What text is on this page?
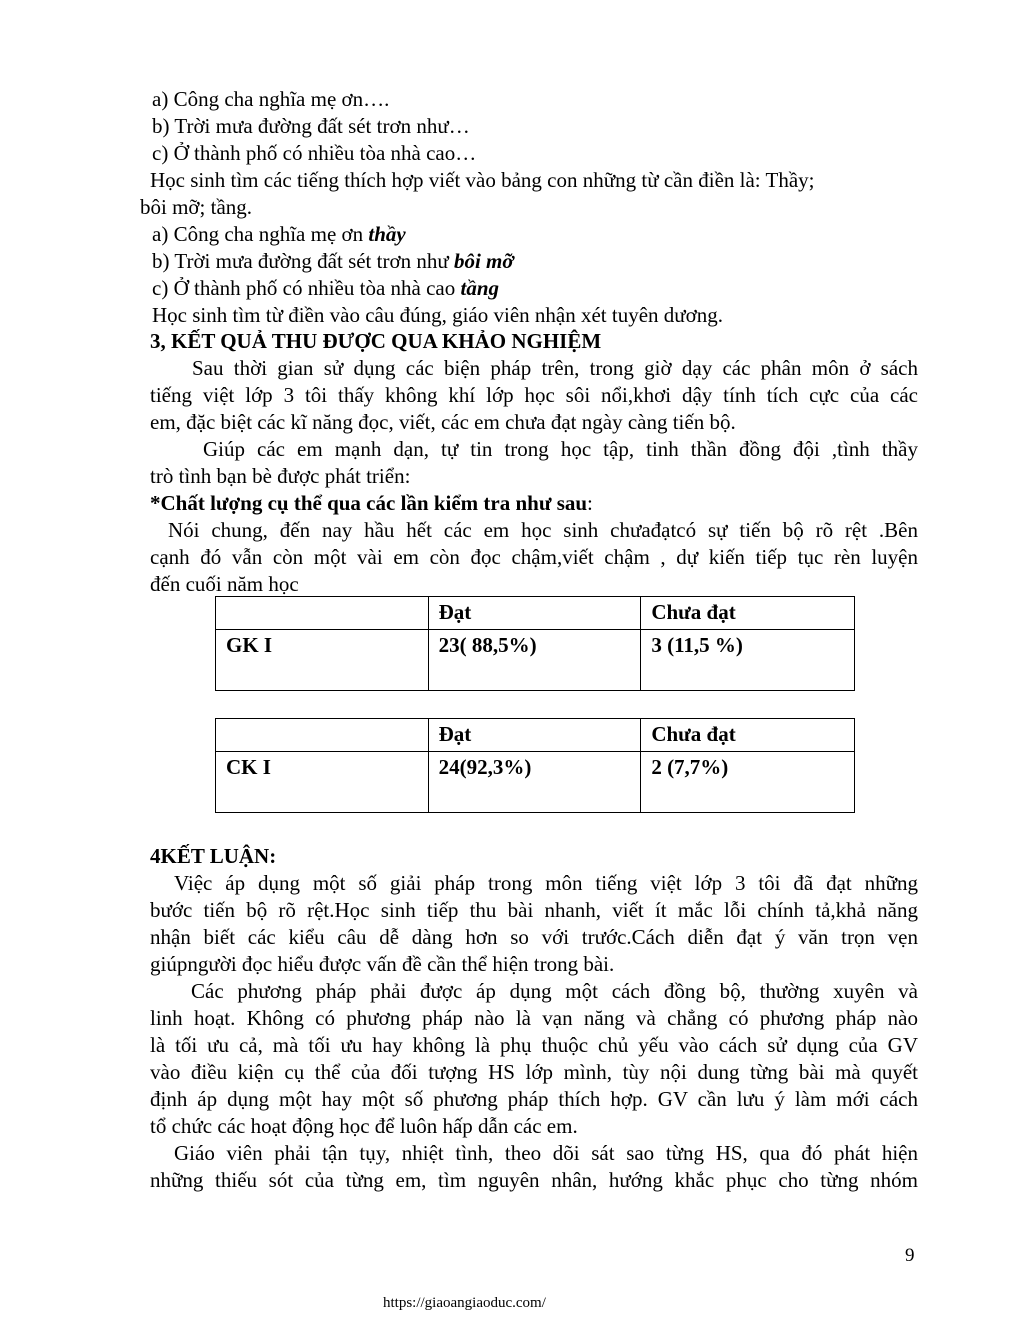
a) Công cha nghĩa mẹ ơn….
b) Trời mưa đường đất sét trơn như…
c) Ở thành phố có nhiều tòa nhà cao…
Học sinh tìm các tiếng thích hợp viết vào bảng con những từ cần điền là: Thầy;
bôi mỡ; tầng.
a) Công cha nghĩa mẹ ơn thầy
b) Trời mưa đường đất sét trơn như bôi mỡ
c) Ở thành phố có nhiều tòa nhà cao tầng
Học sinh tìm từ điền vào câu đúng, giáo viên nhận xét tuyên dương.
3, KẾT QUẢ THU ĐƯỢC QUA KHẢO NGHIỆM
Sau thời gian sử dụng các biện pháp trên, trong giờ dạy các phân môn ở sách
tiếng việt lớp 3 tôi thấy không khí lớp học sôi nổi,khơi dậy tính tích cực của các
em, đặc biệt các kĩ năng đọc, viết, các em chưa đạt ngày càng tiến bộ.
Giúp các em mạnh dạn, tự tin trong học tập, tinh thần đồng đội ,tình thầy
trò tình bạn bè được phát triển:
*Chất lượng cụ thể qua các lần kiểm tra như sau:
Nói chung, đến nay hầu hết các em học sinh chưađạtcó sự tiến bộ rõ rệt .Bên
cạnh đó vẫn còn một vài em còn đọc chậm,viết chậm , dự kiến tiếp tục rèn luyện
đến cuối năm học
	Đạt	Chưa đạt
GK I	23( 88,5%)	3 (11,5 %)
	Đạt	Chưa đạt
CK I	24(92,3%)	2 (7,7%)
4KẾT LUẬN:
Việc áp dụng một số giải pháp trong môn tiếng việt lớp 3 tôi đã đạt những
bước tiến bộ rõ rệt.Học sinh tiếp thu bài nhanh, viết ít mắc lỗi chính tả,khả năng
nhận biết các kiểu câu dễ dàng hơn so với trước.Cách diễn đạt ý văn trọn vẹn
giúpngười đọc hiểu được vấn đề cần thể hiện trong bài.
Các phương pháp phải được áp dụng một cách đồng bộ, thường xuyên và
linh hoạt. Không có phương pháp nào là vạn năng và chẳng có phương pháp nào
là tối ưu cả, mà tối ưu hay không là phụ thuộc chủ yếu vào cách sử dụng của GV
vào điều kiện cụ thể của đối tượng HS lớp mình, tùy nội dung từng bài mà quyết
định áp dụng một hay một số phương pháp thích hợp. GV cần lưu ý làm mới cách
tổ chức các hoạt động học để luôn hấp dẫn các em.
Giáo viên phải tận tụy, nhiệt tình, theo dõi sát sao từng HS, qua đó phát hiện
những thiếu sót của từng em, tìm nguyên nhân, hướng khắc phục cho từng nhóm
9
https://giaoangiaoduc.com/
